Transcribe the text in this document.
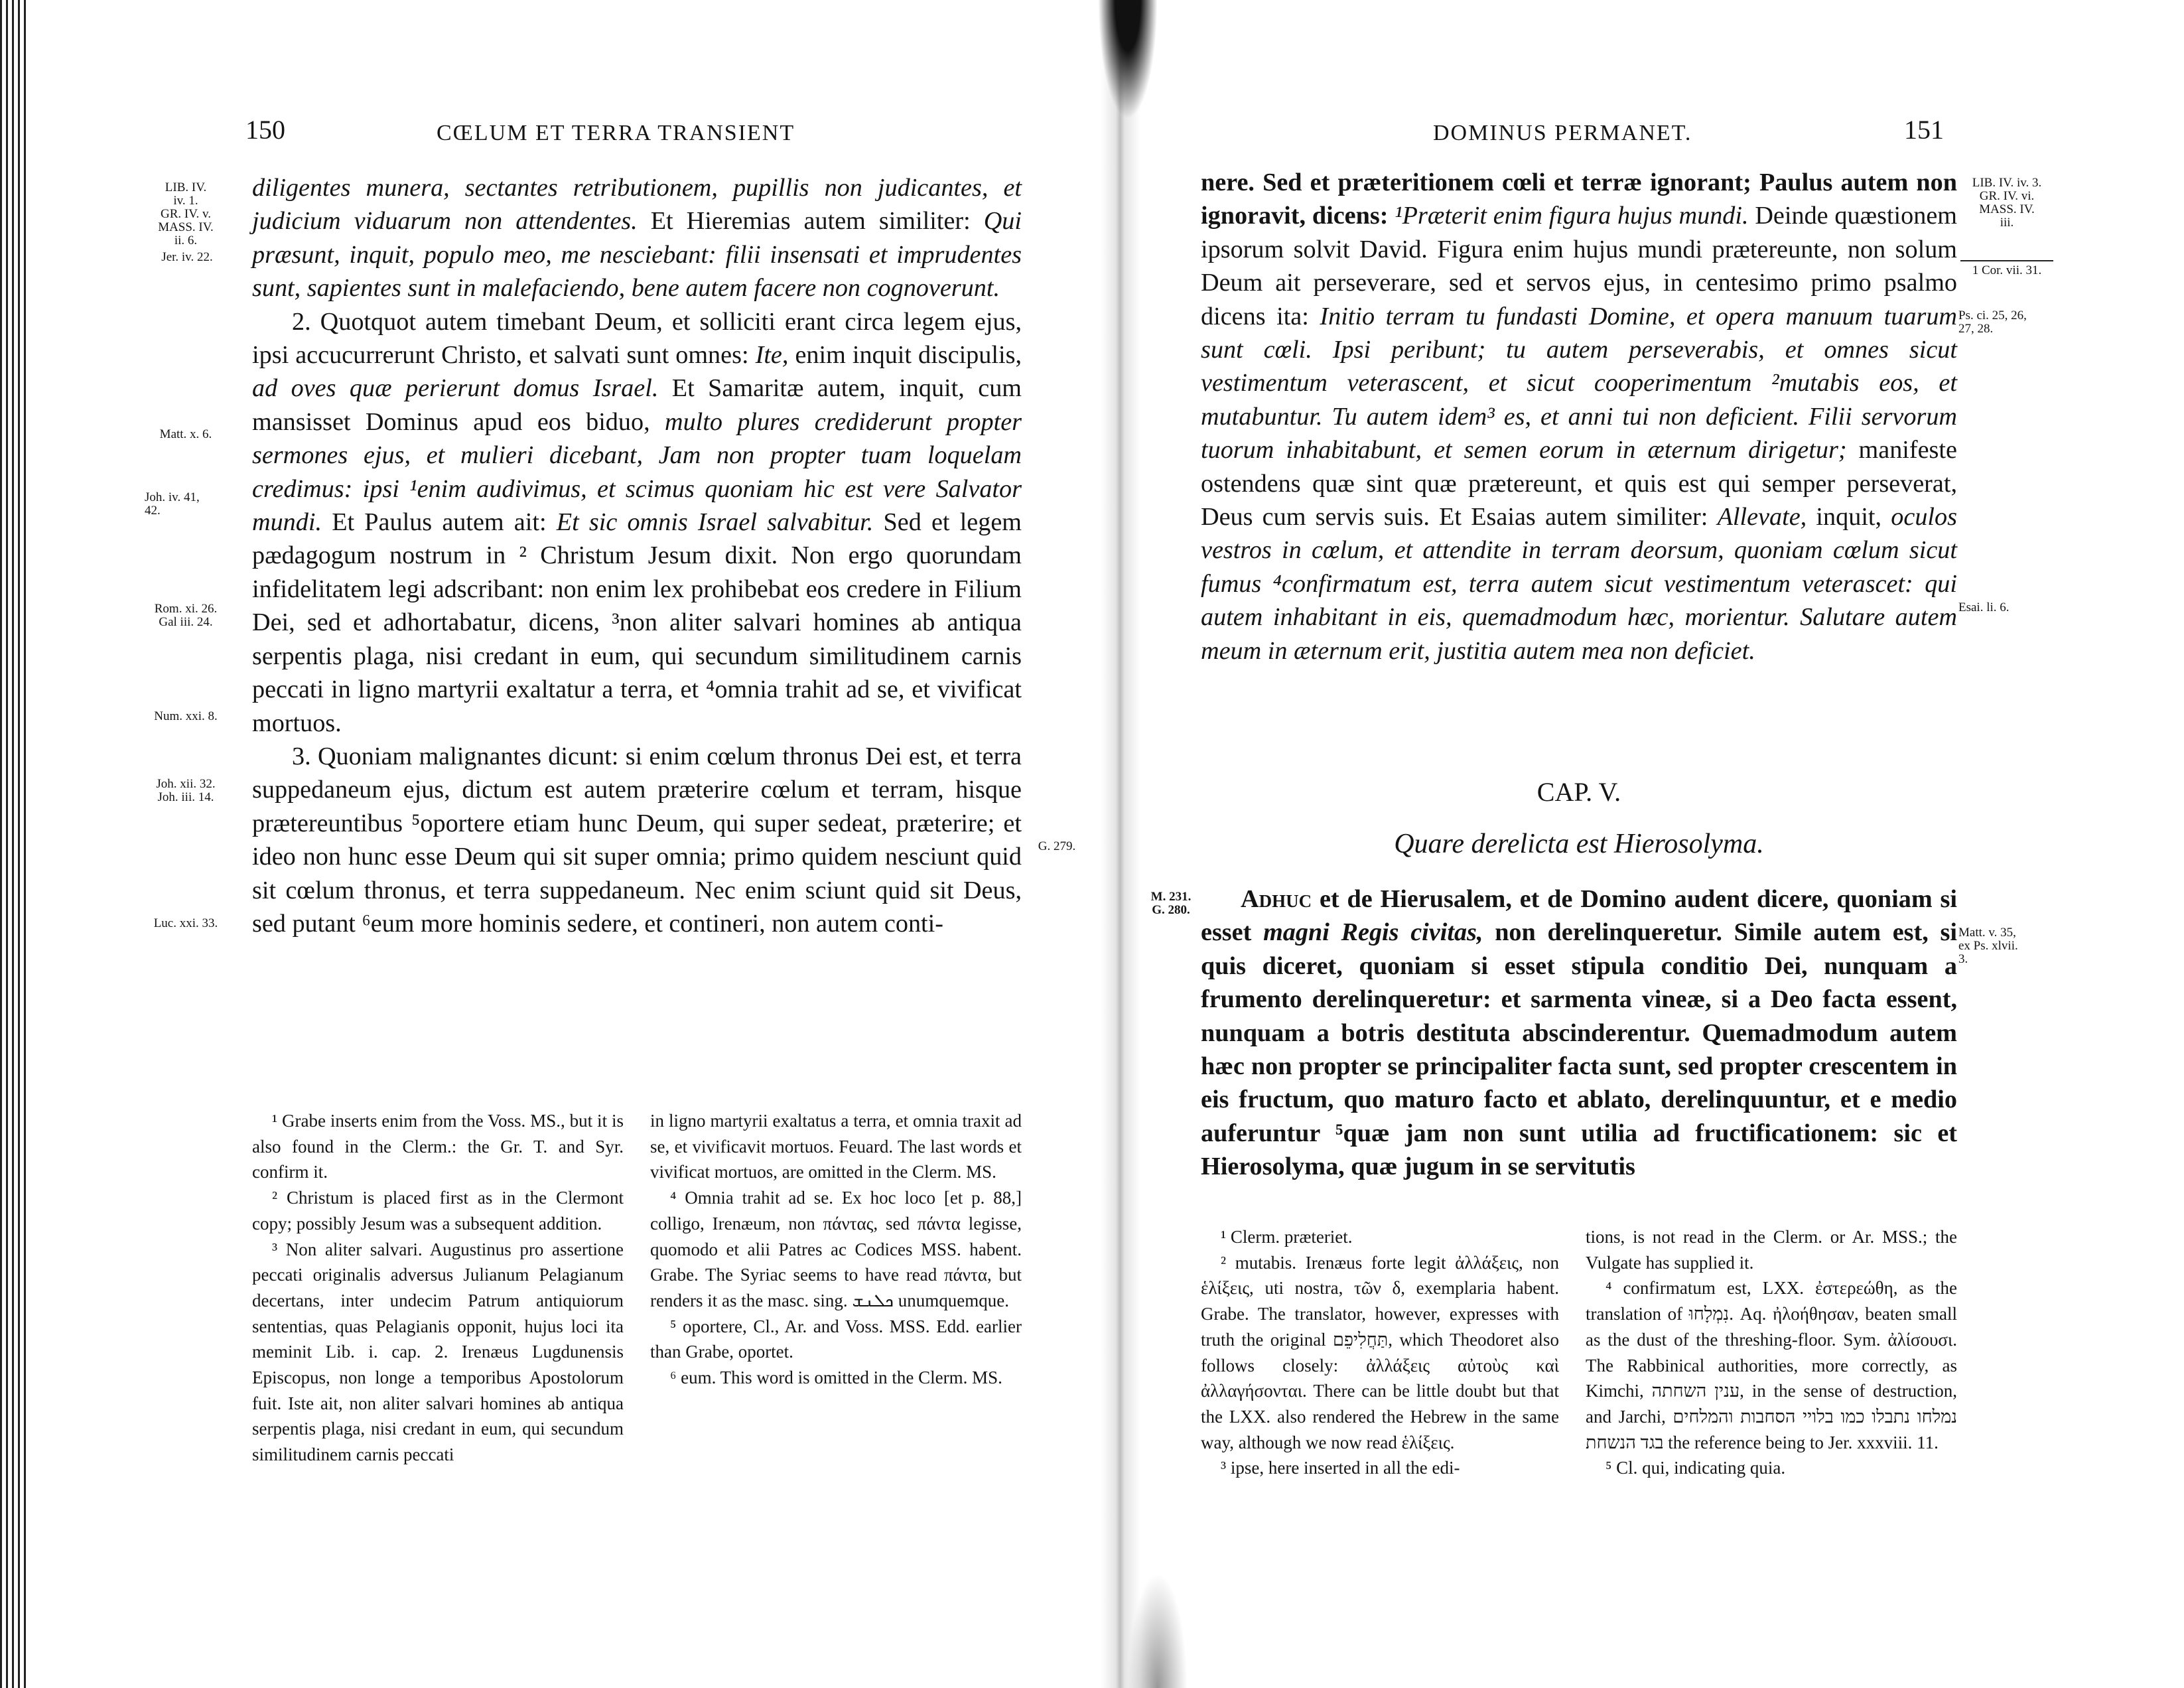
150	CŒLUM ET TERRA TRANSIENT
LIB. IV.
iv. 1.
GR. IV. v.
MASS. IV.
ii. 6.
Jer. iv. 22.
Matt. x. 6.
Joh. iv. 41,
42.
Rom. xi. 26.
Gal iii. 24.
Num. xxi. 8.
Joh. xii. 32.
Joh. iii. 14.
G. 279.
Luc. xxi. 33.

diligentes munera, sectantes retributionem, pupillis non judicantes, et judicium viduarum non attendentes. Et Hieremias autem similiter: Qui præsunt, inquit, populo meo, me nesciebant: filii insensati et imprudentes sunt, sapientes sunt in malefaciendo, bene autem facere non cognoverunt.

2. Quotquot autem timebant Deum, et solliciti erant circa legem ejus, ipsi accucurrerunt Christo, et salvati sunt omnes: Ite, enim inquit discipulis, ad oves quæ perierunt domus Israel. Et Samaritæ autem, inquit, cum mansisset Dominus apud eos biduo, multo plures crediderunt propter sermones ejus, et mulieri dicebant, Jam non propter tuam loquelam credimus: ipsi ¹enim audivimus, et scimus quoniam hic est vere Salvator mundi. Et Paulus autem ait: Et sic omnis Israel salvabitur. Sed et legem pædagogum nostrum in ² Christum Jesum dixit. Non ergo quorundam infidelitatem legi adscribant: non enim lex prohibebat eos credere in Filium Dei, sed et adhortabatur, dicens, ³non aliter salvari homines ab antiqua serpentis plaga, nisi credant in eum, qui secundum similitudinem carnis peccati in ligno martyrii exaltatur a terra, et ⁴omnia trahit ad se, et vivificat mortuos.

3. Quoniam malignantes dicunt: si enim cœlum thronus Dei est, et terra suppedaneum ejus, dictum est autem præterire cœlum et terram, hisque prætereuntibus ⁵oportere etiam hunc Deum, qui super sedeat, præterire; et ideo non hunc esse Deum qui sit super omnia; primo quidem nesciunt quid sit cœlum thronus, et terra suppedaneum. Nec enim sciunt quid sit Deus, sed putant ⁶eum more hominis sedere, et contineri, non autem conti-

¹ Grabe inserts enim from the Voss. MS., but it is also found in the Clerm.: the Gr. T. and Syr. confirm it.

² Christum is placed first as in the Clermont copy; possibly Jesum was a subsequent addition.

³ Non aliter salvari. Augustinus pro assertione peccati originalis adversus Julianum Pelagianum decertans, inter undecim Patrum antiquiorum sententias, quas Pelagianis opponit, hujus loci ita meminit Lib. i. cap. 2. Irenæus Lugdunensis Episcopus, non longe a temporibus Apostolorum fuit. Iste ait, non aliter salvari homines ab antiqua serpentis plaga, nisi credant in eum, qui secundum similitudinem carnis peccati

in ligno martyrii exaltatus a terra, et omnia traxit ad se, et vivificavit mortuos. Feuard. The last words et vivificat mortuos, are omitted in the Clerm. MS.

⁴ Omnia trahit ad se. Ex hoc loco [et p. 88,] colligo, Irenæum, non πάντας, sed πάντα legisse, quomodo et alii Patres ac Codices MSS. habent. Grabe. The Syriac seems to have read πάντα, but renders it as the masc. sing. ܟܠܢܫ unumquemque.

⁵ oportere, Cl., Ar. and Voss. MSS. Edd. earlier than Grabe, oportet.

⁶ eum. This word is omitted in the Clerm. MS.

DOMINUS PERMANET.	151
LIB. IV. iv. 3.
GR. IV. vi.
MASS. IV.
iii.
1 Cor. vii. 31.
Ps. ci. 25, 26,
27, 28.
Esai. li. 6.
M. 231.
G. 280.
Matt. v. 35,
ex Ps. xlvii.
3.

nere. Sed et præteritionem cœli et terræ ignorant; Paulus autem non ignoravit, dicens: ¹Præterit enim figura hujus mundi. Deinde quæstionem ipsorum solvit David. Figura enim hujus mundi prætereunte, non solum Deum ait perseverare, sed et servos ejus, in centesimo primo psalmo dicens ita: Initio terram tu fundasti Domine, et opera manuum tuarum sunt cœli. Ipsi peribunt; tu autem perseverabis, et omnes sicut vestimentum veterascent, et sicut cooperimentum ²mutabis eos, et mutabuntur. Tu autem idem³ es, et anni tui non deficient. Filii servorum tuorum inhabitabunt, et semen eorum in æternum dirigetur; manifeste ostendens quæ sint quæ prætereunt, et quis est qui semper perseverat, Deus cum servis suis. Et Esaias autem similiter: Allevate, inquit, oculos vestros in cœlum, et attendite in terram deorsum, quoniam cœlum sicut fumus ⁴confirmatum est, terra autem sicut vestimentum veterascet: qui autem inhabitant in eis, quemadmodum hæc, morientur. Salutare autem meum in æternum erit, justitia autem mea non deficiet.

CAP. V.
Quare derelicta est Hierosolyma.

Adhuc et de Hierusalem, et de Domino audent dicere, quoniam si esset magni Regis civitas, non derelinqueretur. Simile autem est, si quis diceret, quoniam si esset stipula conditio Dei, nunquam a frumento derelinqueretur: et sarmenta vineæ, si a Deo facta essent, nunquam a botris destituta abscinderentur. Quemadmodum autem hæc non propter se principaliter facta sunt, sed propter crescentem in eis fructum, quo maturo facto et ablato, derelinquuntur, et e medio auferuntur ⁵quæ jam non sunt utilia ad fructificationem: sic et Hierosolyma, quæ jugum in se servitutis

¹ Clerm. præteriet.

² mutabis. Irenæus forte legit ἀλλάξεις, non ἑλίξεις, uti nostra, τῶν δ, exemplaria habent. Grabe. The translator, however, expresses with truth the original תַּחֲלִיפֵם, which Theodoret also follows closely: ἀλλάξεις αὐτοὺς καὶ ἀλλαγήσονται. There can be little doubt but that the LXX. also rendered the Hebrew in the same way, although we now read ἑλίξεις.

³ ipse, here inserted in all the edi-

tions, is not read in the Clerm. or Ar. MSS.; the Vulgate has supplied it.

⁴ confirmatum est, LXX. ἐστερεώθη, as the translation of נִמְלָחוּ. Aq. ἠλοήθησαν, beaten small as the dust of the threshing-floor. Sym. ἀλίσουσι. The Rabbinical authorities, more correctly, as Kimchi, ענין השחתה, in the sense of destruction, and Jarchi, נמלחו נתבלו כמו בלויי הסחבות והמלחים בגד הנשחת the reference being to Jer. xxxviii. 11.

⁵ Cl. qui, indicating quia.
